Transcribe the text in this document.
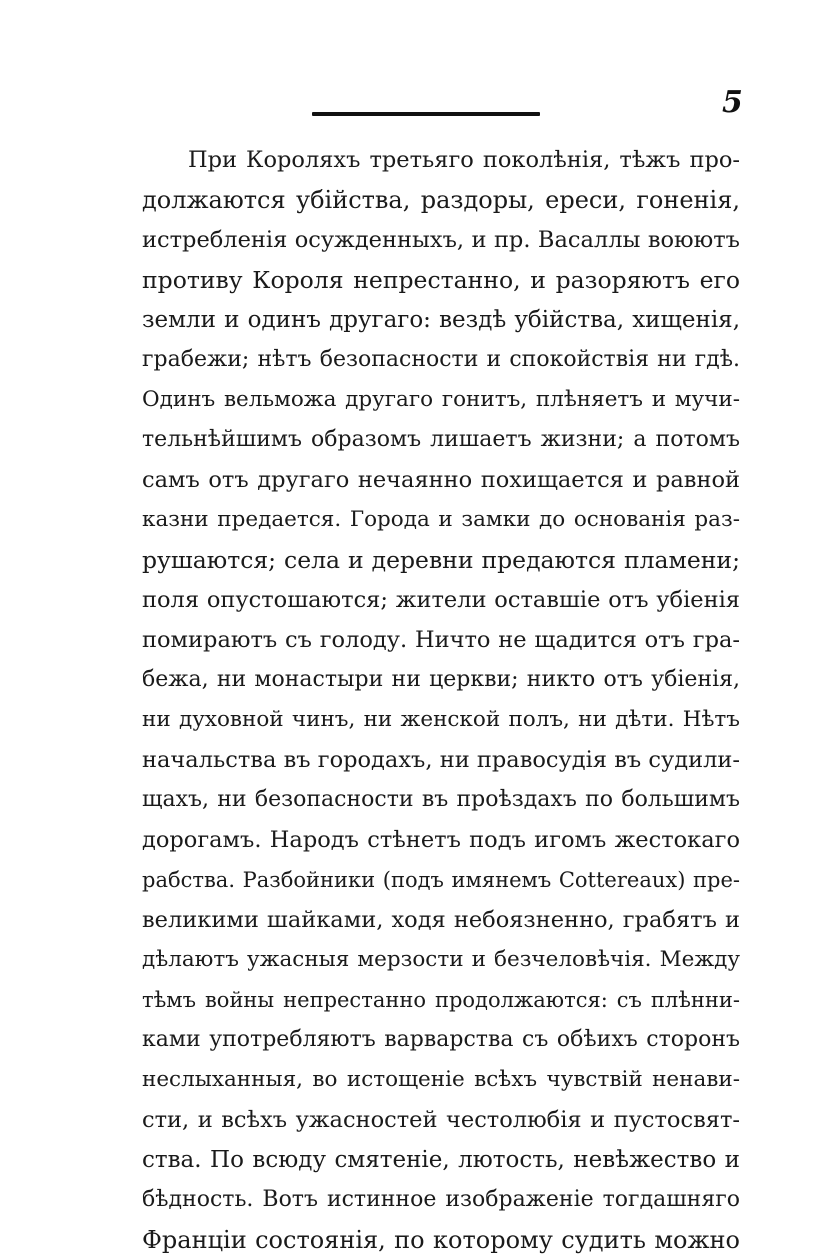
5
При Короляхъ третьяго поколѣнія, тѣжъ про-
должаются убійства, раздоры, ереси, гоненія,
истребленія осужденныхъ, и пр. Васаллы воюютъ
противу Короля непрестанно, и разоряютъ его
земли и одинъ другаго: вездѣ убійства, хищенія,
грабежи; нѣтъ безопасности и спокойствія ни гдѣ.
Одинъ вельможа другаго гонитъ, плѣняетъ и мучи-
тельнѣйшимъ образомъ лишаетъ жизни; а потомъ
самъ отъ другаго нечаянно похищается и равной
казни предается. Города и замки до основанія раз-
рушаются; села и деревни предаются пламени;
поля опустошаются; жители оставшіе отъ убіенія
помираютъ съ голоду. Ничто не щадится отъ гра-
бежа, ни монастыри ни церкви; никто отъ убіенія,
ни духовной чинъ, ни женской полъ, ни дѣти. Нѣтъ
начальства въ городахъ, ни правосудія въ судили-
щахъ, ни безопасности въ проѣздахъ по большимъ
дорогамъ. Народъ стѣнетъ подъ игомъ жестокаго
рабства. Разбойники (подъ имянемъ Cottereaux) пре-
великими шайками, ходя небоязненно, грабятъ и
дѣлаютъ ужасныя мерзости и безчеловѣчія. Между
тѣмъ войны непрестанно продолжаются: съ плѣнни-
ками употребляютъ варварства съ обѣихъ сторонъ
неслыханныя, во истощеніе всѣхъ чувствій ненави-
сти, и всѣхъ ужасностей честолюбія и пустосвят-
ства. По всюду смятеніе, лютость, невѣжество и
бѣдность. Вотъ истинное изображеніе тогдашняго
Франціи состоянія, по которому судить можно
